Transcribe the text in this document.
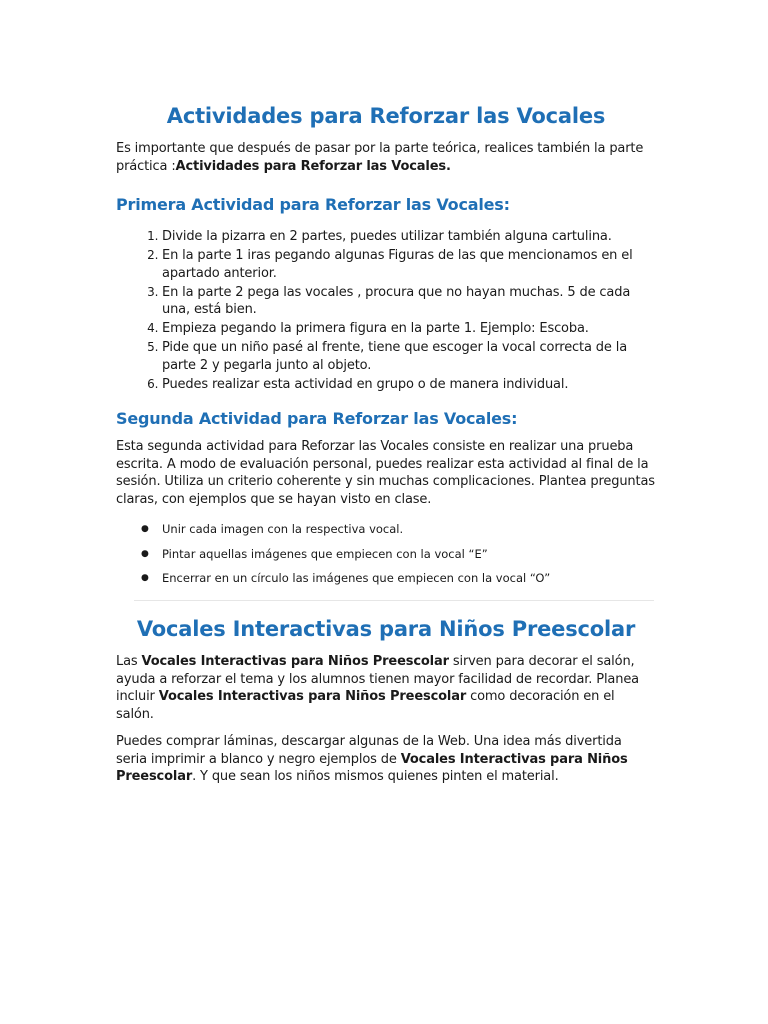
Actividades para Reforzar las Vocales

Es importante que después de pasar por la parte teórica, realices también la parte práctica :Actividades para Reforzar las Vocales.

Primera Actividad para Reforzar las Vocales:
1. Divide la pizarra en 2 partes, puedes utilizar también alguna cartulina.
2. En la parte 1 iras pegando algunas Figuras de las que mencionamos en el apartado anterior.
3. En la parte 2 pega las vocales , procura que no hayan muchas. 5 de cada una, está bien.
4. Empieza pegando la primera figura en la parte 1. Ejemplo: Escoba.
5. Pide que un niño pasé al frente, tiene que escoger la vocal correcta de la parte 2 y pegarla junto al objeto.
6. Puedes realizar esta actividad en grupo o de manera individual.
Segunda Actividad para Reforzar las Vocales:

Esta segunda actividad para Reforzar las Vocales consiste en realizar una prueba escrita. A modo de evaluación personal, puedes realizar esta actividad al final de la sesión. Utiliza un criterio coherente y sin muchas complicaciones. Plantea preguntas claras, con ejemplos que se hayan visto en clase.

● Unir cada imagen con la respectiva vocal.
● Pintar aquellas imágenes que empiecen con la vocal “E”
● Encerrar en un círculo las imágenes que empiecen con la vocal “O”
Vocales Interactivas para Niños Preescolar

Las Vocales Interactivas para Niños Preescolar sirven para decorar el salón, ayuda a reforzar el tema y los alumnos tienen mayor facilidad de recordar. Planea incluir Vocales Interactivas para Niños Preescolar como decoración en el salón.

Puedes comprar láminas, descargar algunas de la Web. Una idea más divertida seria imprimir a blanco y negro ejemplos de Vocales Interactivas para Niños Preescolar. Y que sean los niños mismos quienes pinten el material.
